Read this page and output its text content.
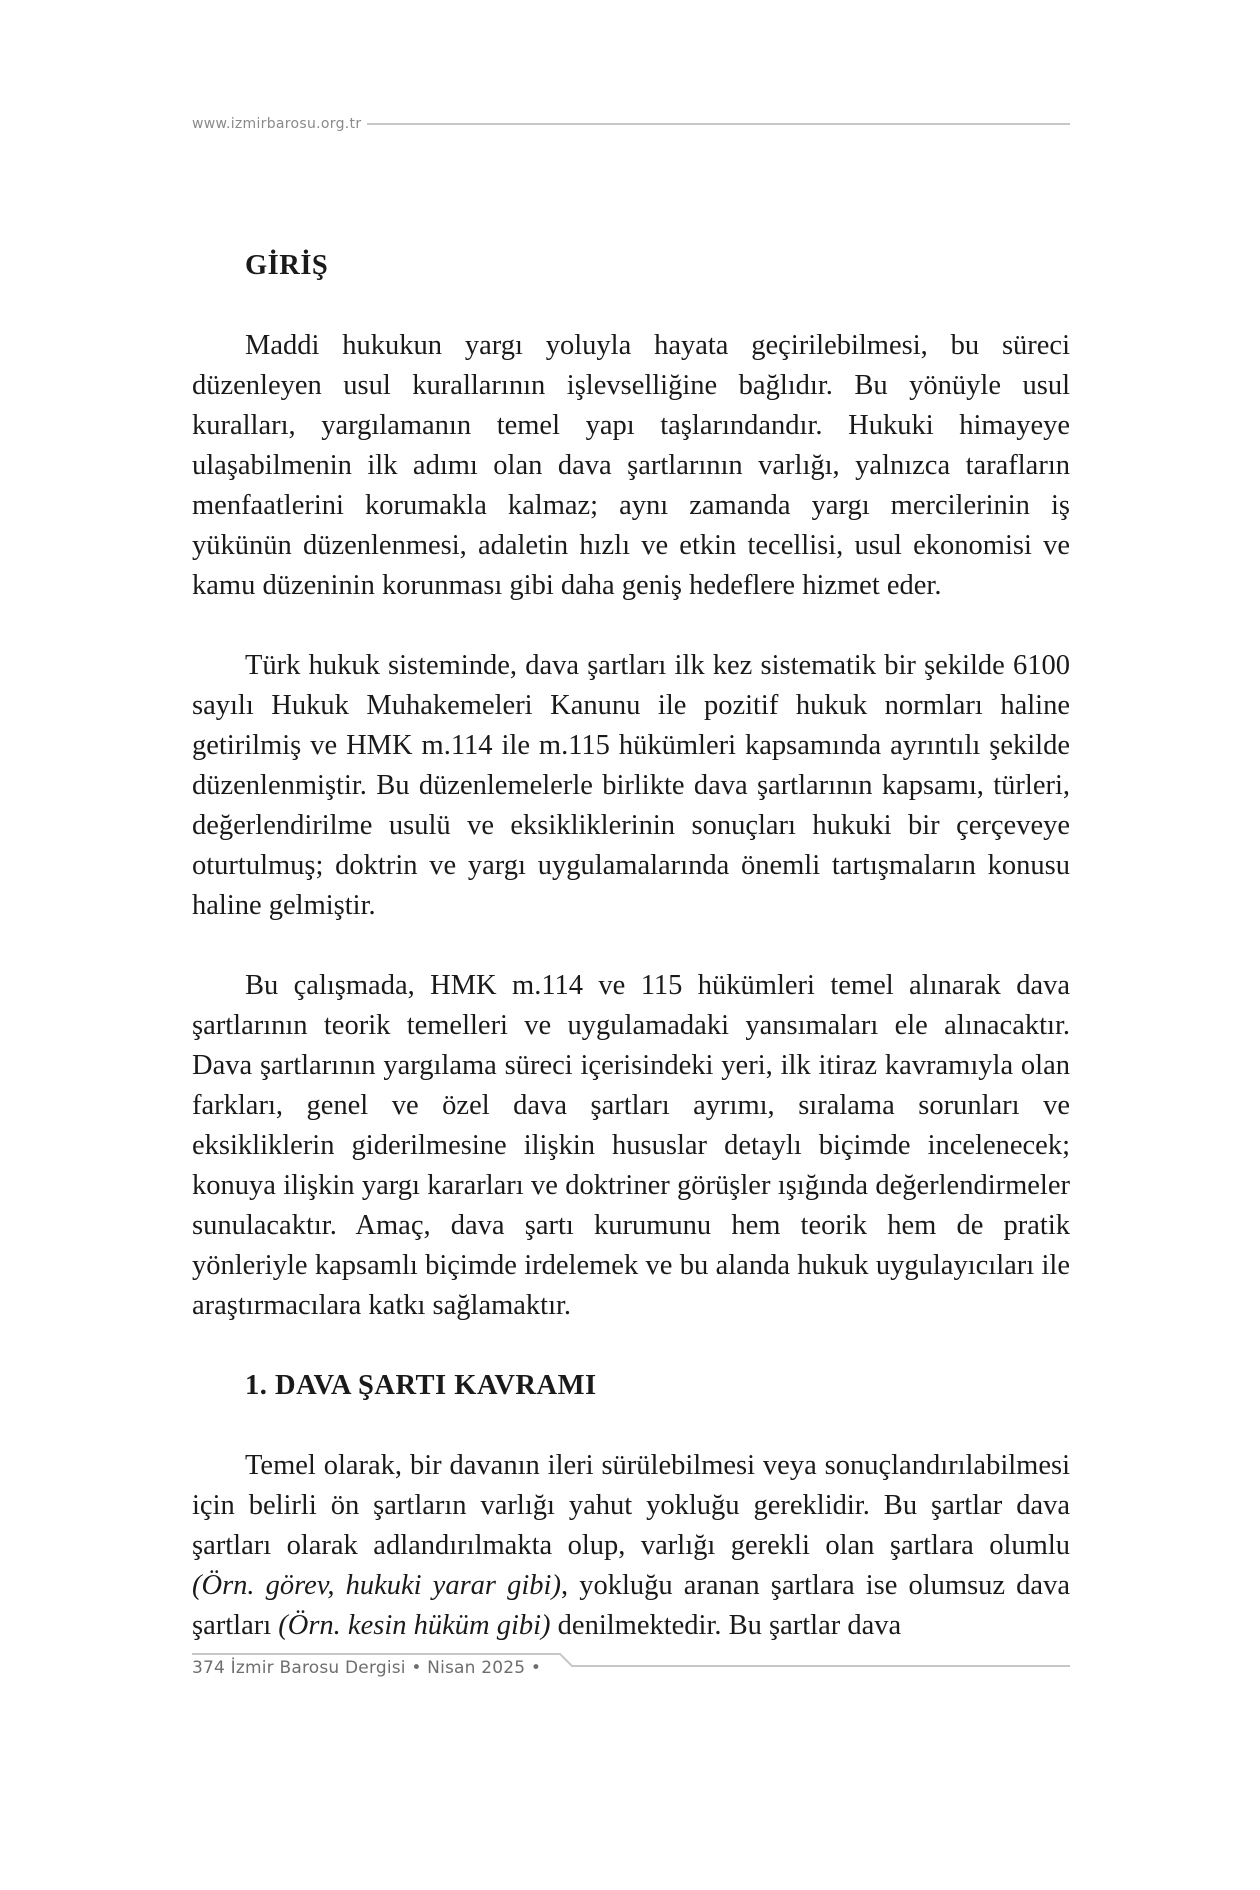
www.izmirbarosu.org.tr
GİRİŞ

Maddi hukukun yargı yoluyla hayata geçirilebilmesi, bu süreci düzenleyen usul kurallarının işlevselliğine bağlıdır. Bu yönüyle usul kuralları, yargılamanın temel yapı taşlarındandır. Hukuki himayeye ulaşabilmenin ilk adımı olan dava şartlarının varlığı, yalnızca tarafların menfaatlerini korumakla kalmaz; aynı zamanda yargı mercilerinin iş yükünün düzenlenmesi, adaletin hızlı ve etkin tecellisi, usul ekonomisi ve kamu düzeninin korunması gibi daha geniş hedeflere hizmet eder.

Türk hukuk sisteminde, dava şartları ilk kez sistematik bir şekilde 6100 sayılı Hukuk Muhakemeleri Kanunu ile pozitif hukuk normları haline getirilmiş ve HMK m.114 ile m.115 hükümleri kapsamında ayrıntılı şekilde düzenlenmiştir. Bu düzenlemelerle birlikte dava şartlarının kapsamı, türleri, değerlendirilme usulü ve eksikliklerinin sonuçları hukuki bir çerçeveye oturtulmuş; doktrin ve yargı uygulamalarında önemli tartışmaların konusu haline gelmiştir.

Bu çalışmada, HMK m.114 ve 115 hükümleri temel alınarak dava şartlarının teorik temelleri ve uygulamadaki yansımaları ele alınacaktır. Dava şartlarının yargılama süreci içerisindeki yeri, ilk itiraz kavramıyla olan farkları, genel ve özel dava şartları ayrımı, sıralama sorunları ve eksikliklerin giderilmesine ilişkin hususlar detaylı biçimde incelenecek; konuya ilişkin yargı kararları ve doktriner görüşler ışığında değerlendirmeler sunulacaktır. Amaç, dava şartı kurumunu hem teorik hem de pratik yönleriyle kapsamlı biçimde irdelemek ve bu alanda hukuk uygulayıcıları ile araştırmacılara katkı sağlamaktır.

1. DAVA ŞARTI KAVRAMI

Temel olarak, bir davanın ileri sürülebilmesi veya sonuçlandırılabilmesi için belirli ön şartların varlığı yahut yokluğu gereklidir. Bu şartlar dava şartları olarak adlandırılmakta olup, varlığı gerekli olan şartlara olumlu (Örn. görev, hukuki yarar gibi), yokluğu aranan şartlara ise olumsuz dava şartları (Örn. kesin hüküm gibi) denilmektedir. Bu şartlar dava

374 İzmir Barosu Dergisi • Nisan 2025 •
